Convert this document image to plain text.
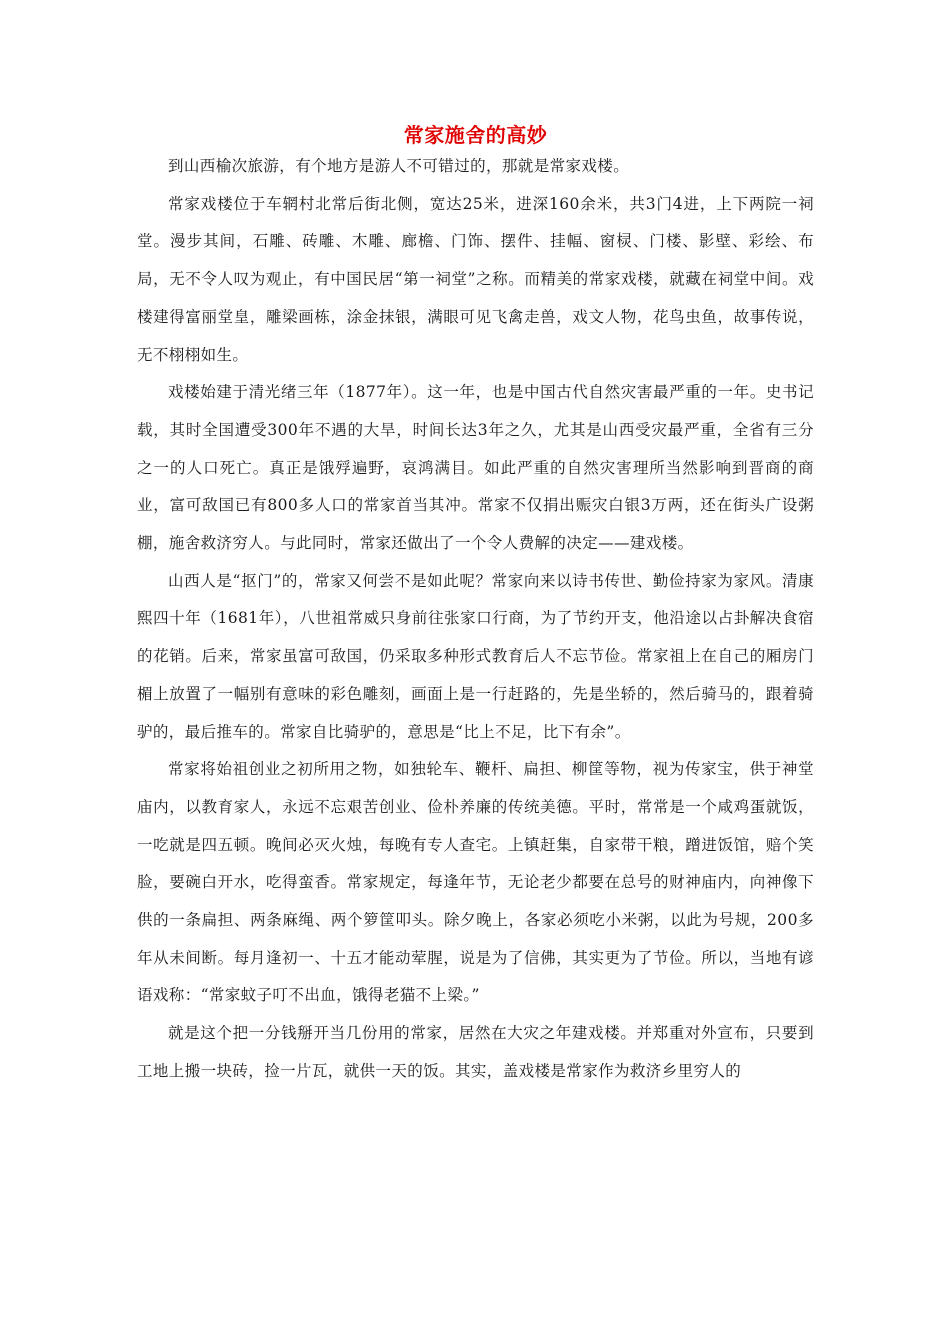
常家施舍的高妙

到山西榆次旅游，有个地方是游人不可错过的，那就是常家戏楼。

常家戏楼位于车辋村北常后街北侧，宽达25米，进深160余米，共3门4进，上下两院一祠堂。漫步其间，石雕、砖雕、木雕、廊檐、门饰、摆件、挂幅、窗棂、门楼、影壁、彩绘、布局，无不令人叹为观止，有中国民居“第一祠堂”之称。而精美的常家戏楼，就藏在祠堂中间。戏楼建得富丽堂皇，雕梁画栋，涂金抹银，满眼可见飞禽走兽，戏文人物，花鸟虫鱼，故事传说，无不栩栩如生。

戏楼始建于清光绪三年（1877年）。这一年，也是中国古代自然灾害最严重的一年。史书记载，其时全国遭受300年不遇的大旱，时间长达3年之久，尤其是山西受灾最严重，全省有三分之一的人口死亡。真正是饿殍遍野，哀鸿满目。如此严重的自然灾害理所当然影响到晋商的商业，富可敌国已有800多人口的常家首当其冲。常家不仅捐出赈灾白银3万两，还在街头广设粥棚，施舍救济穷人。与此同时，常家还做出了一个令人费解的决定——建戏楼。

山西人是“抠门”的，常家又何尝不是如此呢？常家向来以诗书传世、勤俭持家为家风。清康熙四十年（1681年），八世祖常威只身前往张家口行商，为了节约开支，他沿途以占卦解决食宿的花销。后来，常家虽富可敌国，仍采取多种形式教育后人不忘节俭。常家祖上在自己的厢房门楣上放置了一幅别有意味的彩色雕刻，画面上是一行赶路的，先是坐轿的，然后骑马的，跟着骑驴的，最后推车的。常家自比骑驴的，意思是“比上不足，比下有余”。

常家将始祖创业之初所用之物，如独轮车、鞭杆、扁担、柳筐等物，视为传家宝，供于神堂庙内，以教育家人，永远不忘艰苦创业、俭朴养廉的传统美德。平时，常常是一个咸鸡蛋就饭，一吃就是四五顿。晚间必灭火烛，每晚有专人查宅。上镇赶集，自家带干粮，蹭进饭馆，赔个笑脸，要碗白开水，吃得蛮香。常家规定，每逢年节，无论老少都要在总号的财神庙内，向神像下供的一条扁担、两条麻绳、两个箩筐叩头。除夕晚上，各家必须吃小米粥，以此为号规，200多年从未间断。每月逢初一、十五才能动荤腥，说是为了信佛，其实更为了节俭。所以，当地有谚语戏称：“常家蚊子叮不出血，饿得老猫不上梁。”

就是这个把一分钱掰开当几份用的常家，居然在大灾之年建戏楼。并郑重对外宣布，只要到工地上搬一块砖，捡一片瓦，就供一天的饭。其实，盖戏楼是常家作为救济乡里穷人的
